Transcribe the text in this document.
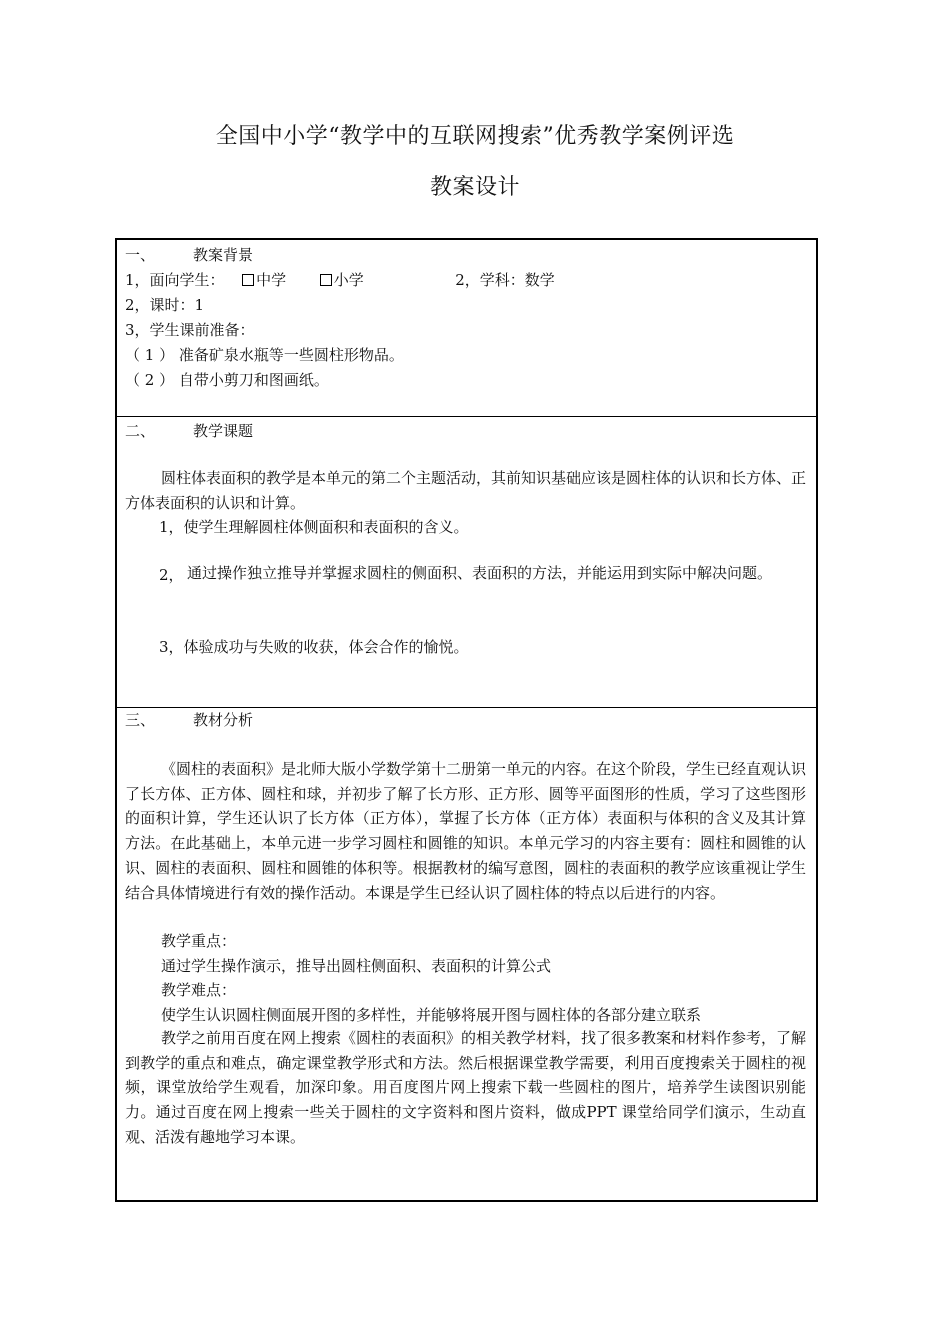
全国中小学“教学中的互联网搜索”优秀教学案例评选
教案设计
一、	教案背景
1，面向学生： 中学	小学	2，学科：数学
2，课时：1
3，学生课前准备：
（ 1 ） 准备矿泉水瓶等一些圆柱形物品。
（ 2 ） 自带小剪刀和图画纸。
二、	教学课题
圆柱体表面积的教学是本单元的第二个主题活动，其前知识基础应该是圆柱体的认识和长方体、正方体表面积的认识和计算。
1，使学生理解圆柱体侧面积和表面积的含义。
2， 通过操作独立推导并掌握求圆柱的侧面积、表面积的方法，并能运用到实际中解决问题。
3，体验成功与失败的收获，体会合作的愉悦。
三、	教材分析
《圆柱的表面积》是北师大版小学数学第十二册第一单元的内容。在这个阶段，学生已经直观认识了长方体、正方体、圆柱和球，并初步了解了长方形、正方形、圆等平面图形的性质，学习了这些图形的面积计算，学生还认识了长方体（正方体），掌握了长方体（正方体）表面积与体积的含义及其计算方法。在此基础上，本单元进一步学习圆柱和圆锥的知识。本单元学习的内容主要有：圆柱和圆锥的认识、圆柱的表面积、圆柱和圆锥的体积等。根据教材的编写意图，圆柱的表面积的教学应该重视让学生结合具体情境进行有效的操作活动。本课是学生已经认识了圆柱体的特点以后进行的内容。
教学重点：
通过学生操作演示，推导出圆柱侧面积、表面积的计算公式
教学难点：
使学生认识圆柱侧面展开图的多样性，并能够将展开图与圆柱体的各部分建立联系
教学之前用百度在网上搜索《圆柱的表面积》的相关教学材料，找了很多教案和材料作参考，了解到教学的重点和难点，确定课堂教学形式和方法。然后根据课堂教学需要，利用百度搜索关于圆柱的视频，课堂放给学生观看，加深印象。用百度图片网上搜索下载一些圆柱的图片，培养学生读图识别能力。通过百度在网上搜索一些关于圆柱的文字资料和图片资料，做成PPT 课堂给同学们演示，生动直观、活泼有趣地学习本课。
